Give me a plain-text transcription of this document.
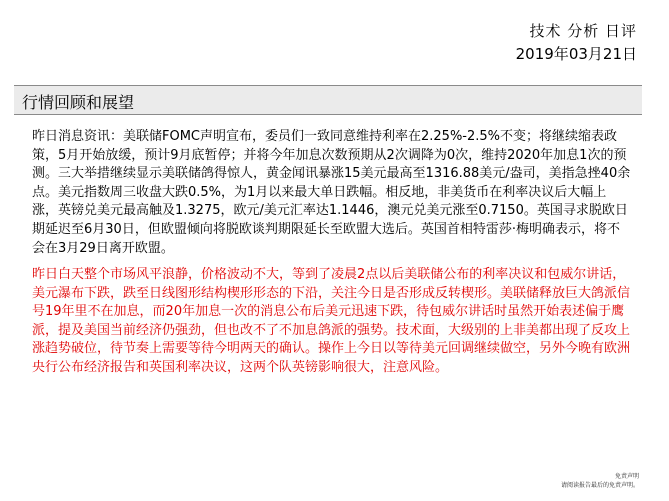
技术 分析 日评
2019年03月21日
行情回顾和展望

昨日消息资讯：美联储FOMC声明宣布，委员们一致同意维持利率在2.25%-2.5%不变；将继续缩表政策，5月开始放缓，预计9月底暂停；并将今年加息次数预期从2次调降为0次，维持2020年加息1次的预测。三大举措继续显示美联储鸽得惊人，黄金闻讯暴涨15美元最高至1316.88美元/盎司，美指急挫40余点。美元指数周三收盘大跌0.5%，为1月以来最大单日跌幅。相反地，非美货币在利率决议后大幅上涨，英镑兑美元最高触及1.3275，欧元/美元汇率达1.1446，澳元兑美元涨至0.7150。英国寻求脱欧日期延迟至6月30日，但欧盟倾向将脱欧谈判期限延长至欧盟大选后。英国首相特雷莎·梅明确表示，将不会在3月29日离开欧盟。

昨日白天整个市场风平浪静，价格波动不大，等到了凌晨2点以后美联储公布的利率决议和包威尔讲话，美元瀑布下跌，跌至日线图形结构楔形形态的下沿，关注今日是否形成反转楔形。美联储释放巨大鸽派信号19年里不在加息，而20年加息一次的消息公布后美元迅速下跌，待包威尔讲话时虽然开始表述偏于鹰派，提及美国当前经济仍强劲，但也改不了不加息鸽派的强势。技术面，大级别的上非美都出现了反攻上涨趋势破位，待节奏上需要等待今明两天的确认。操作上今日以等待美元回调继续做空，另外今晚有欧洲央行公布经济报告和英国利率决议，这两个队英镑影响很大，注意风险。

免责声明
请阅读报告最后的免责声明。
